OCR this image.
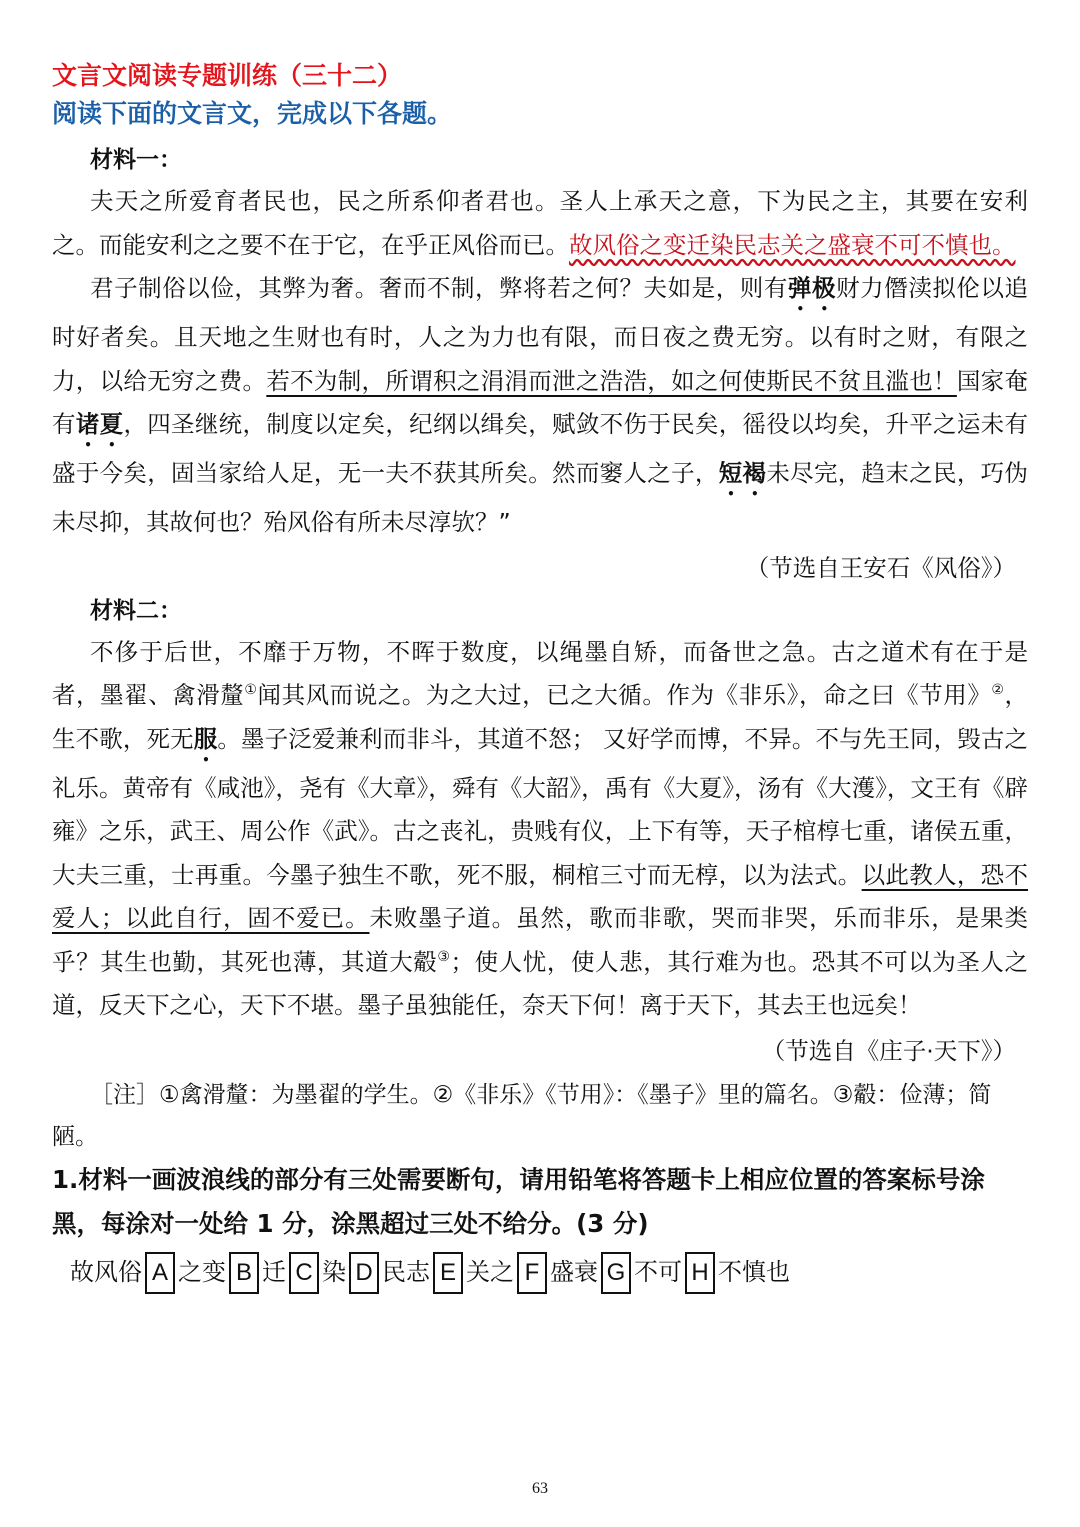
文言文阅读专题训练（三十二）

阅读下面的文言文，完成以下各题。

材料一：

夫天之所爱育者民也，民之所系仰者君也。圣人上承天之意，下为民之主，其要在安利之。而能安利之之要不在于它，在乎正风俗而已。故风俗之变迁染民志关之盛衰不可不慎也。

君子制俗以俭，其弊为奢。奢而不制，弊将若之何？夫如是，则有弹极财力僭渎拟伦以追时好者矣。且天地之生财也有时，人之为力也有限，而日夜之费无穷。以有时之财，有限之力，以给无穷之费。若不为制，所谓积之涓涓而泄之浩浩，如之何使斯民不贫且滥也！国家奄有诸夏，四圣继统，制度以定矣，纪纲以缉矣，赋敛不伤于民矣，徭役以均矣，升平之运未有盛于今矣，固当家给人足，无一夫不获其所矣。然而窭人之子，短褐未尽完，趋末之民，巧伪未尽抑，其故何也？殆风俗有所未尽淳欤？”

（节选自王安石《风俗》）

材料二：

不侈于后世，不靡于万物，不晖于数度，以绳墨自矫，而备世之急。古之道术有在于是者，墨翟、禽滑釐①闻其风而说之。为之大过，已之大循。作为《非乐》，命之曰《节用》②，生不歌，死无服。墨子泛爱兼利而非斗，其道不怒； 又好学而博，不异。不与先王同，毁古之礼乐。黄帝有《咸池》，尧有《大章》，舜有《大韶》，禹有《大夏》，汤有《大濩》，文王有《辟雍》之乐，武王、周公作《武》。古之丧礼，贵贱有仪，上下有等，天子棺椁七重，诸侯五重，大夫三重，士再重。今墨子独生不歌，死不服，桐棺三寸而无椁，以为法式。以此教人，恐不爱人；以此自行，固不爱已。未败墨子道。虽然，歌而非歌，哭而非哭，乐而非乐，是果类乎？其生也勤，其死也薄，其道大觳③；使人忧，使人悲，其行难为也。恐其不可以为圣人之道，反天下之心，天下不堪。墨子虽独能任，奈天下何！离于天下，其去王也远矣！

（节选自《庄子·天下》）

［注］①禽滑釐：为墨翟的学生。②《非乐》《节用》：《墨子》里的篇名。③觳：俭薄；简陋。

1.材料一画波浪线的部分有三处需要断句，请用铅笔将答题卡上相应位置的答案标号涂黑，每涂对一处给 1 分，涂黑超过三处不给分。(3 分)

故风俗 A 之变 B 迁 C 染 D 民志 E 关之 F 盛衰 G 不可 H 不慎也
63
